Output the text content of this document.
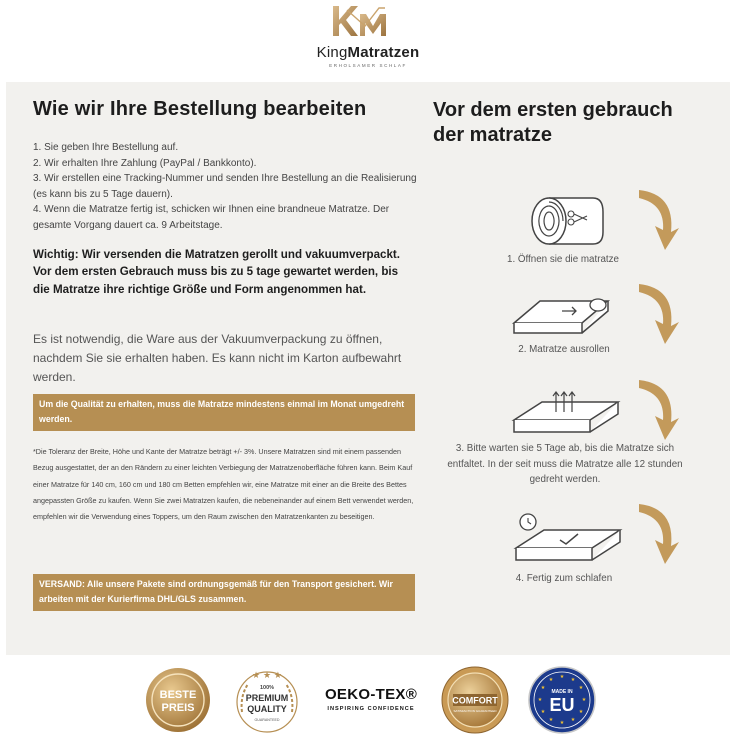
KingMatratzen
ERHOLSAMER SCHLAF
Wie wir Ihre Bestellung bearbeiten
1. Sie geben Ihre Bestellung auf.
2. Wir erhalten Ihre Zahlung (PayPal / Bankkonto).
3. Wir erstellen eine Tracking-Nummer und senden Ihre Bestellung an die Realisierung (es kann bis zu 5 Tage dauern).
4. Wenn die Matratze fertig ist, schicken wir Ihnen eine brandneue Matratze. Der gesamte Vorgang dauert ca. 9 Arbeitstage.
Wichtig: Wir versenden die Matratzen gerollt und vakuumverpackt. Vor dem ersten Gebrauch muss bis zu 5 tage gewartet werden, bis die Matratze ihre richtige Größe und Form angenommen hat.
Es ist notwendig, die Ware aus der Vakuumverpackung zu öffnen, nachdem Sie sie erhalten haben. Es kann nicht im Karton aufbewahrt werden.
Um die Qualität zu erhalten, muss die Matratze mindestens einmal im Monat umgedreht werden.
*Die Toleranz der Breite, Höhe und Kante der Matratze beträgt +/- 3%. Unsere Matratzen sind mit einem passenden Bezug ausgestattet, der an den Rändern zu einer leichten Verbiegung der Matratzenoberfläche führen kann. Beim Kauf einer Matratze für 140 cm, 160 cm und 180 cm Betten empfehlen wir, eine Matratze mit einer an die Breite des Bettes angepassten Größe zu kaufen. Wenn Sie zwei Matratzen kaufen, die nebeneinander auf einem Bett verwendet werden, empfehlen wir die Verwendung eines Toppers, um den Raum zwischen den Matratzenkanten zu beseitigen.
VERSAND: Alle unsere Pakete sind ordnungsgemäß für den Transport gesichert. Wir arbeiten mit der Kurierfirma DHL/GLS zusammen.
Vor dem ersten gebrauch
der matratze
1. Öffnen sie die matratze
2. Matratze ausrollen
3. Bitte warten sie 5 Tage ab, bis die Matratze sich entfaltet. In der seit muss die Matratze alle 12 stunden gedreht werden.
4. Fertig zum schlafen
BESTE
PREIS
★ ★ ★
100%
PREMIUM
QUALITY
GUARANTEED
OEKO-TEX®
INSPIRING CONFIDENCE
COMFORT
SATISFACTION GUARANTEED
★ ★
★
★
★
★
★
★
★
★
★
★
MADE IN
EU
